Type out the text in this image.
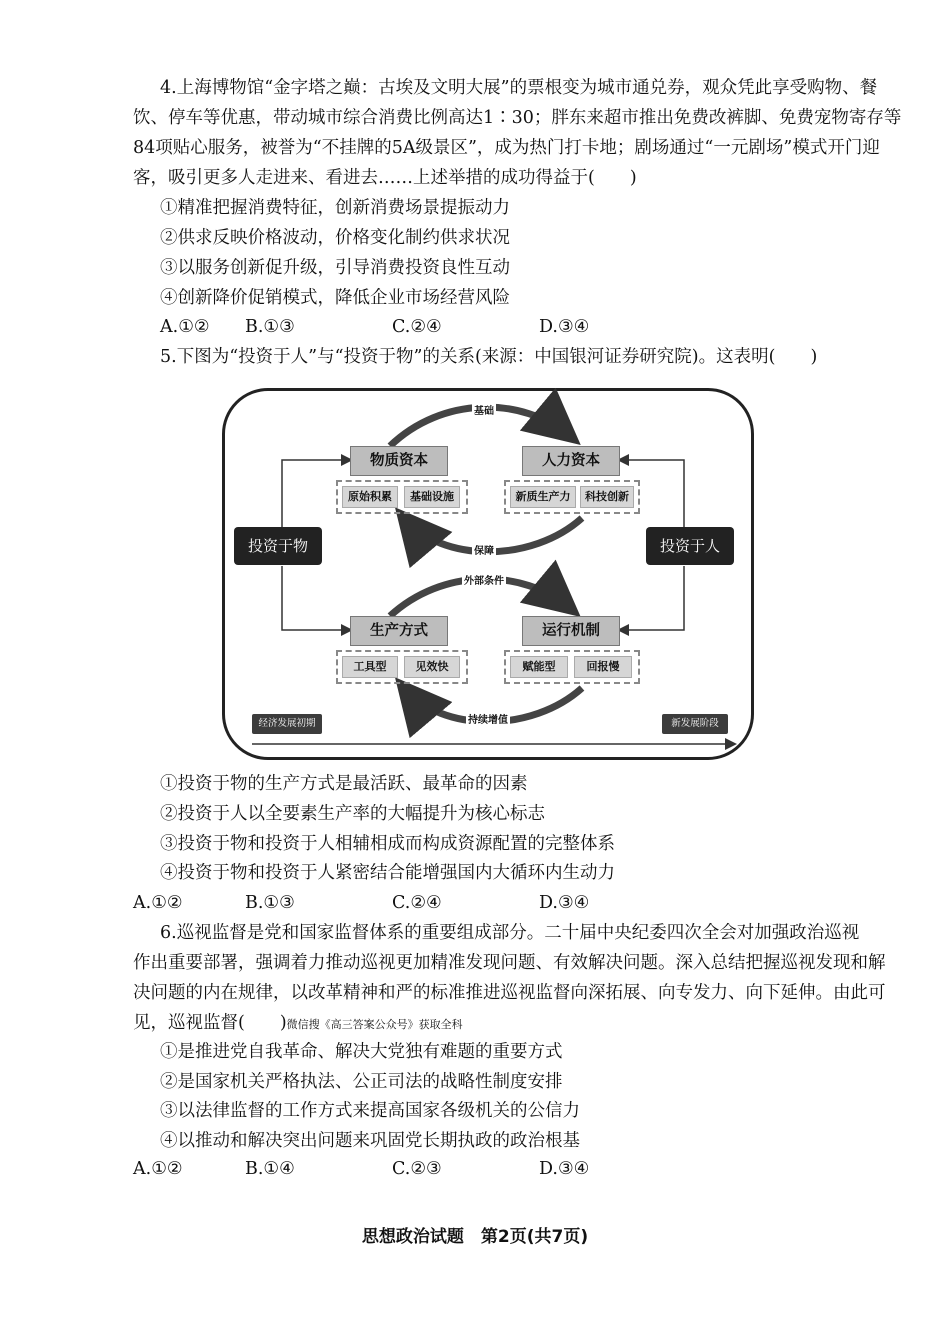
4.上海博物馆“金字塔之巅：古埃及文明大展”的票根变为城市通兑券，观众凭此享受购物、餐
饮、停车等优惠，带动城市综合消费比例高达1∶30；胖东来超市推出免费改裤脚、免费宠物寄存等
84项贴心服务，被誉为“不挂牌的5A级景区”，成为热门打卡地；剧场通过“一元剧场”模式开门迎
客，吸引更多人走进来、看进去……上述举措的成功得益于(　　)
①精准把握消费特征，创新消费场景提振动力
②供求反映价格波动，价格变化制约供求状况
③以服务创新促升级，引导消费投资良性互动
④创新降价促销模式，降低企业市场经营风险
A.①② B.①③	C.②④	D.③④
5.下图为“投资于人”与“投资于物”的关系(来源：中国银河证券研究院)。这表明(　　)
基础
保障
外部条件
持续增值
物质资本	人力资本
生产方式	运行机制
原始积累	基础设施	新质生产力	科技创新
工具型	见效快	赋能型	回报慢
投资于物	投资于人
经济发展初期	新发展阶段
①投资于物的生产方式是最活跃、最革命的因素
②投资于人以全要素生产率的大幅提升为核心标志
③投资于物和投资于人相辅相成而构成资源配置的完整体系
④投资于物和投资于人紧密结合能增强国内大循环内生动力
A.①②	B.①③	C.②④	D.③④
6.巡视监督是党和国家监督体系的重要组成部分。二十届中央纪委四次全会对加强政治巡视
作出重要部署，强调着力推动巡视更加精准发现问题、有效解决问题。深入总结把握巡视发现和解
决问题的内在规律，以改革精神和严的标准推进巡视监督向深拓展、向专发力、向下延伸。由此可
见，巡视监督(　　)微信搜《高三答案公众号》获取全科
①是推进党自我革命、解决大党独有难题的重要方式
②是国家机关严格执法、公正司法的战略性制度安排
③以法律监督的工作方式来提高国家各级机关的公信力
④以推动和解决突出问题来巩固党长期执政的政治根基
A.①②	B.①④	C.②③	D.③④
思想政治试题　第2页(共7页)
